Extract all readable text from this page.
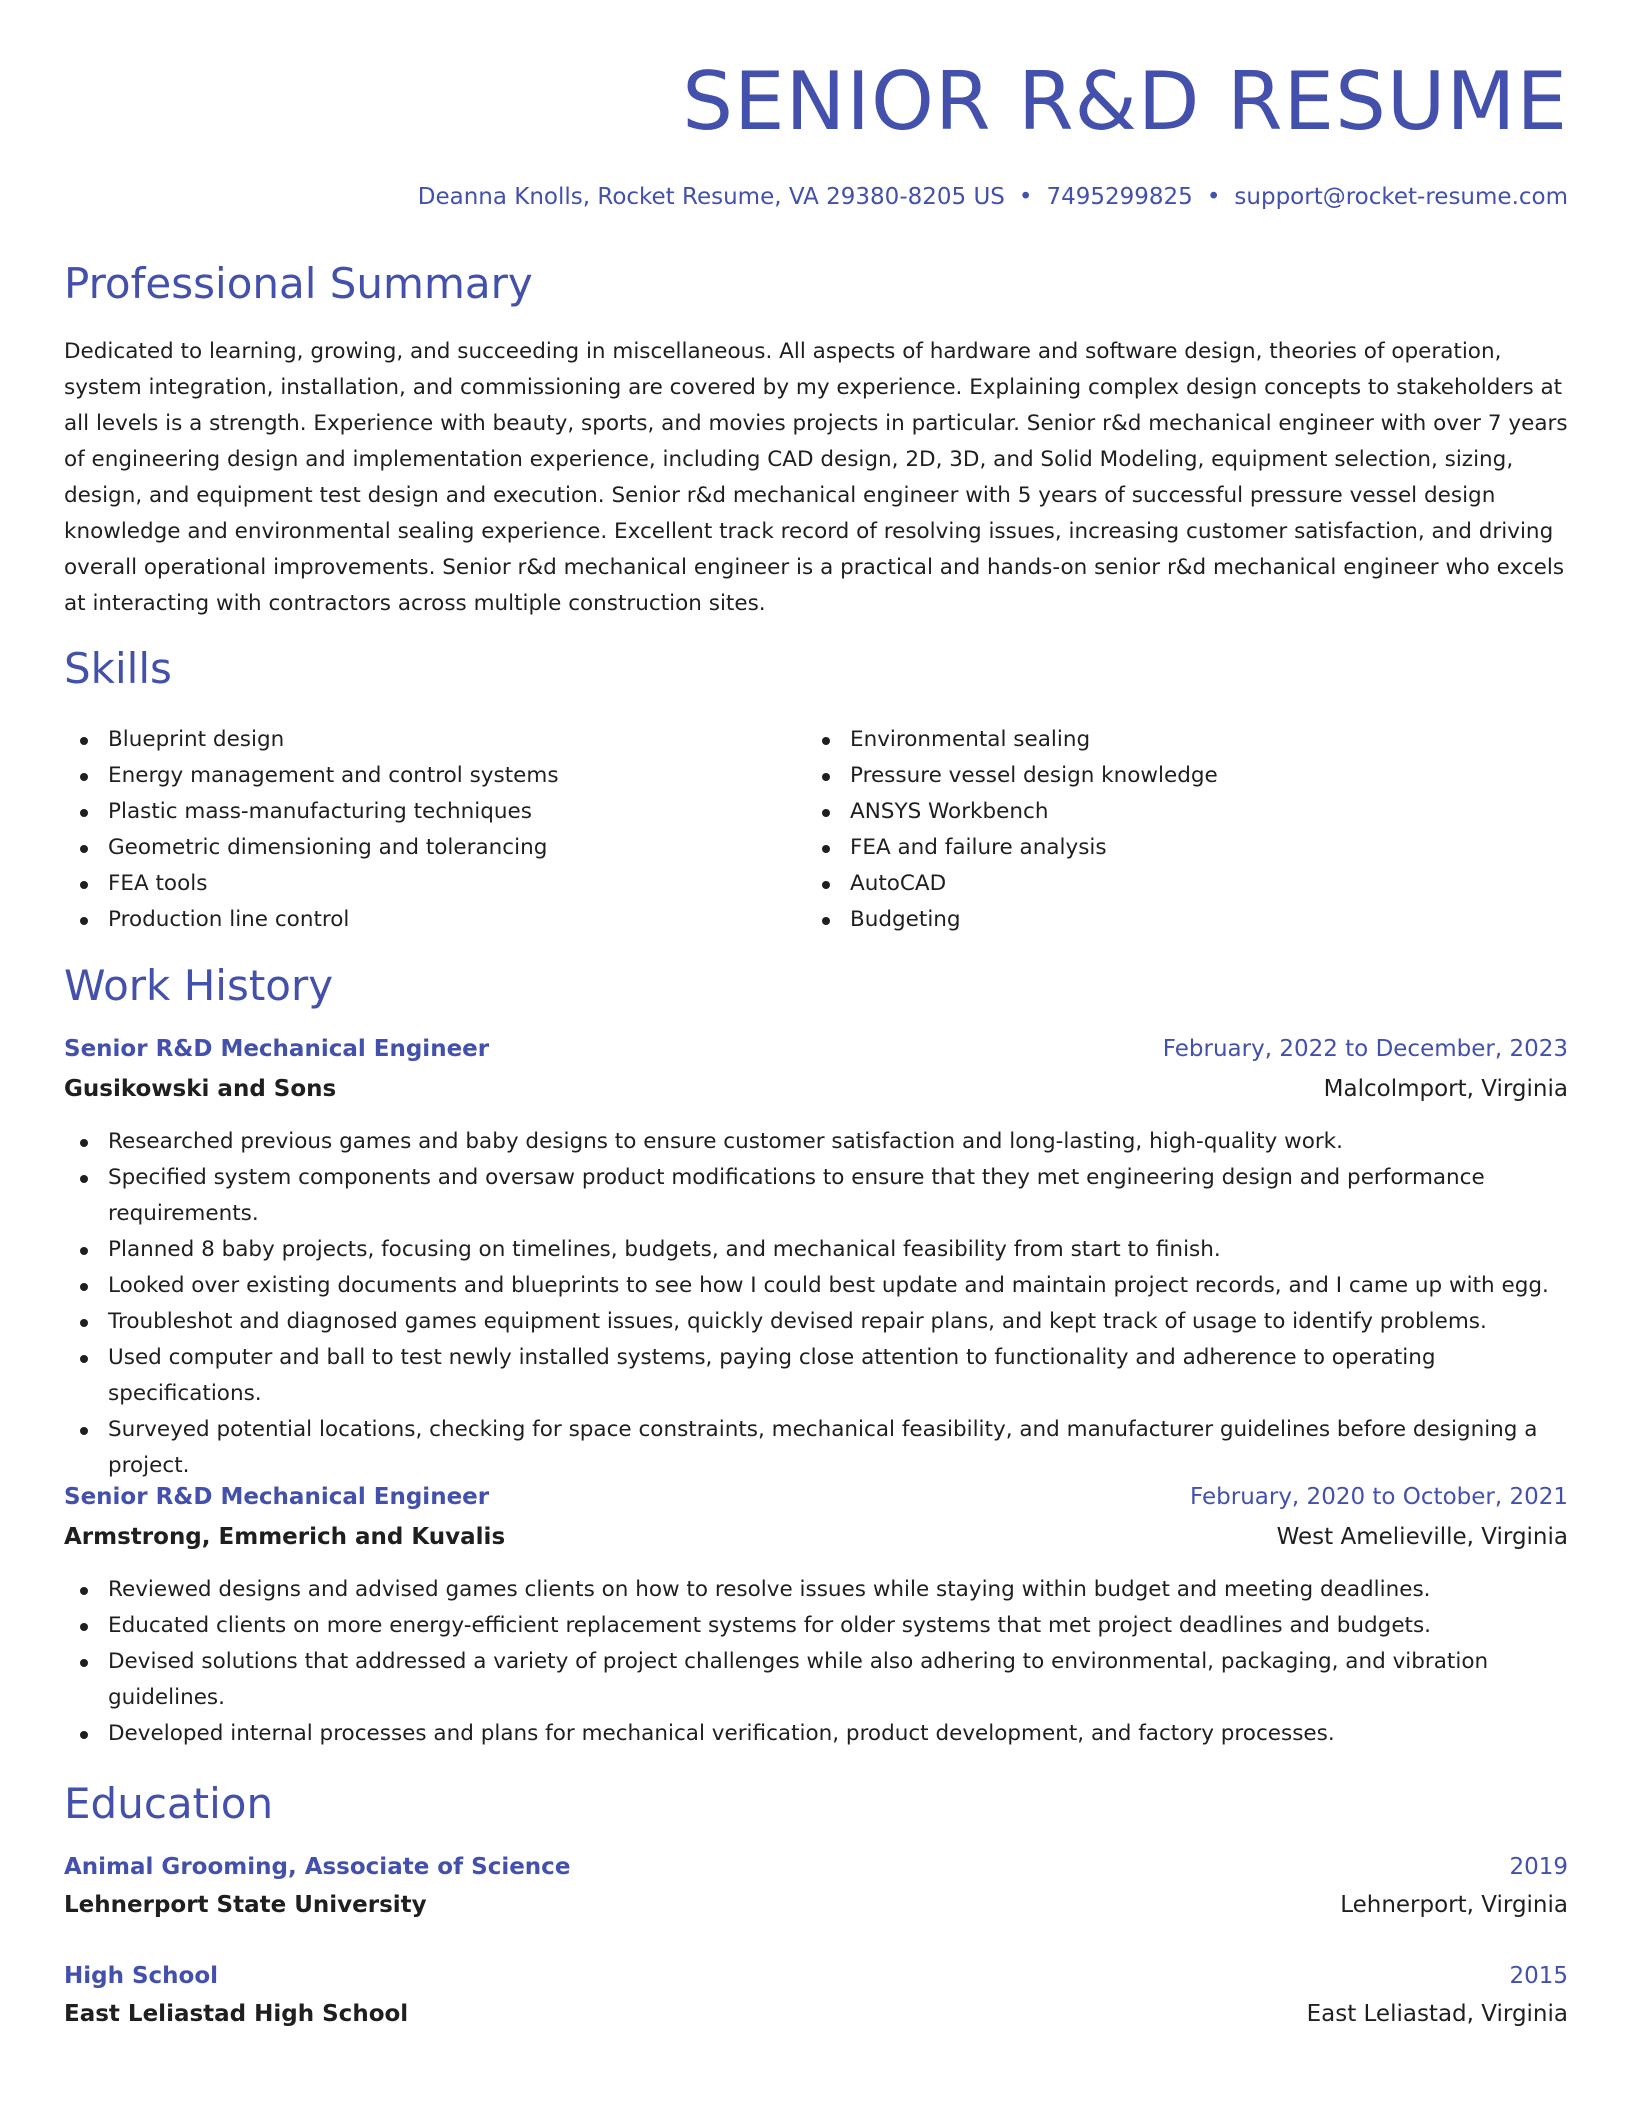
SENIOR R&D RESUME
Deanna Knolls, Rocket Resume, VA 29380-8205 US • 7495299825 • support@rocket-resume.com
Professional Summary

Dedicated to learning, growing, and succeeding in miscellaneous. All aspects of hardware and software design, theories of operation, system integration, installation, and commissioning are covered by my experience. Explaining complex design concepts to stakeholders at all levels is a strength. Experience with beauty, sports, and movies projects in particular. Senior r&d mechanical engineer with over 7 years of engineering design and implementation experience, including CAD design, 2D, 3D, and Solid Modeling, equipment selection, sizing, design, and equipment test design and execution. Senior r&d mechanical engineer with 5 years of successful pressure vessel design knowledge and environmental sealing experience. Excellent track record of resolving issues, increasing customer satisfaction, and driving overall operational improvements. Senior r&d mechanical engineer is a practical and hands-on senior r&d mechanical engineer who excels at interacting with contractors across multiple construction sites.

Skills
Blueprint design
Energy management and control systems
Plastic mass-manufacturing techniques
Geometric dimensioning and tolerancing
FEA tools
Production line control
Environmental sealing
Pressure vessel design knowledge
ANSYS Workbench
FEA and failure analysis
AutoCAD
Budgeting
Work History
Senior R&D Mechanical Engineer	February, 2022 to December, 2023
Gusikowski and Sons	Malcolmport, Virginia
Researched previous games and baby designs to ensure customer satisfaction and long-lasting, high-quality work.
Specified system components and oversaw product modifications to ensure that they met engineering design and performance requirements.
Planned 8 baby projects, focusing on timelines, budgets, and mechanical feasibility from start to finish.
Looked over existing documents and blueprints to see how I could best update and maintain project records, and I came up with egg.
Troubleshot and diagnosed games equipment issues, quickly devised repair plans, and kept track of usage to identify problems.
Used computer and ball to test newly installed systems, paying close attention to functionality and adherence to operating specifications.
Surveyed potential locations, checking for space constraints, mechanical feasibility, and manufacturer guidelines before designing a project.
Senior R&D Mechanical Engineer	February, 2020 to October, 2021
Armstrong, Emmerich and Kuvalis	West Amelieville, Virginia
Reviewed designs and advised games clients on how to resolve issues while staying within budget and meeting deadlines.
Educated clients on more energy-efficient replacement systems for older systems that met project deadlines and budgets.
Devised solutions that addressed a variety of project challenges while also adhering to environmental, packaging, and vibration guidelines.
Developed internal processes and plans for mechanical verification, product development, and factory processes.
Education
Animal Grooming, Associate of Science	2019
Lehnerport State University	Lehnerport, Virginia
High School	2015
East Leliastad High School	East Leliastad, Virginia
